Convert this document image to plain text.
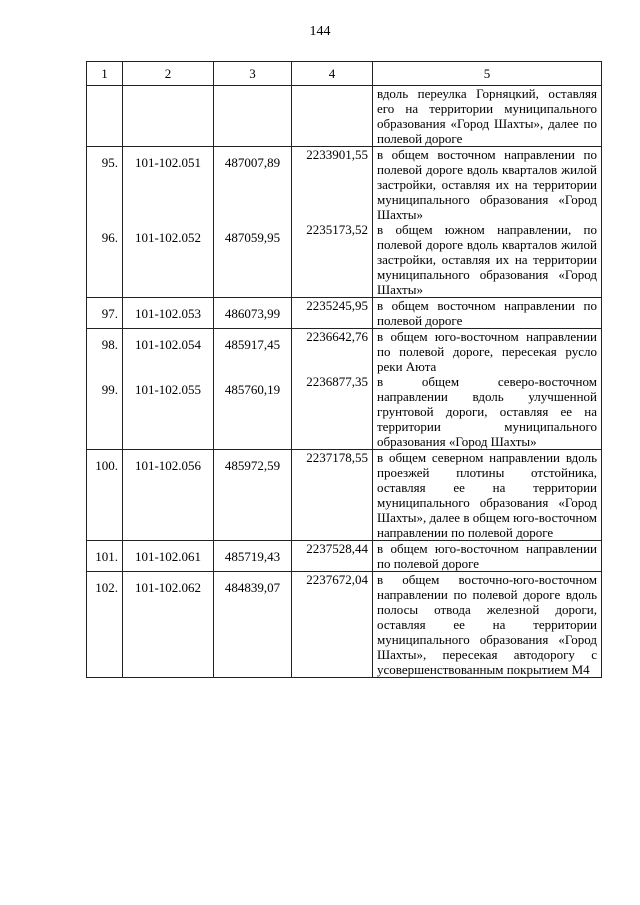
144
1	2	3	4	5

				вдоль переулка Горняцкий, оставляя его на территории муниципального образования «Город Шахты», далее по полевой дороге

95.	101-102.051	487007,89	2233901,55	в общем восточном направлении по полевой дороге вдоль кварталов жилой застройки, оставляя их на территории муниципального образования «Город Шахты»

96.	101-102.052	487059,95	2235173,52	в общем южном направлении, по полевой дороге вдоль кварталов жилой застройки, оставляя их на территории муниципального образования «Город Шахты»

97.	101-102.053	486073,99	2235245,95	в общем восточном направлении по полевой дороге

98.	101-102.054	485917,45	2236642,76	в общем юго-восточном направлении по полевой дороге, пересекая русло реки Аюта

99.	101-102.055	485760,19	2236877,35	в общем северо-восточном направлении вдоль улучшенной грунтовой дороги, оставляя ее на территории муниципального образования «Город Шахты»

100.	101-102.056	485972,59	2237178,55	в общем северном направлении вдоль проезжей плотины отстойника, оставляя ее на территории муниципального образования «Город Шахты», далее в общем юго-восточном направлении по полевой дороге

101.	101-102.061	485719,43	2237528,44	в общем юго-восточном направлении по полевой дороге

102.	101-102.062	484839,07	2237672,04	в общем восточно-юго-восточном направлении по полевой дороге вдоль полосы отвода железной дороги, оставляя ее на территории муниципального образования «Город Шахты», пересекая автодорогу с усовершенствованным покрытием М4
